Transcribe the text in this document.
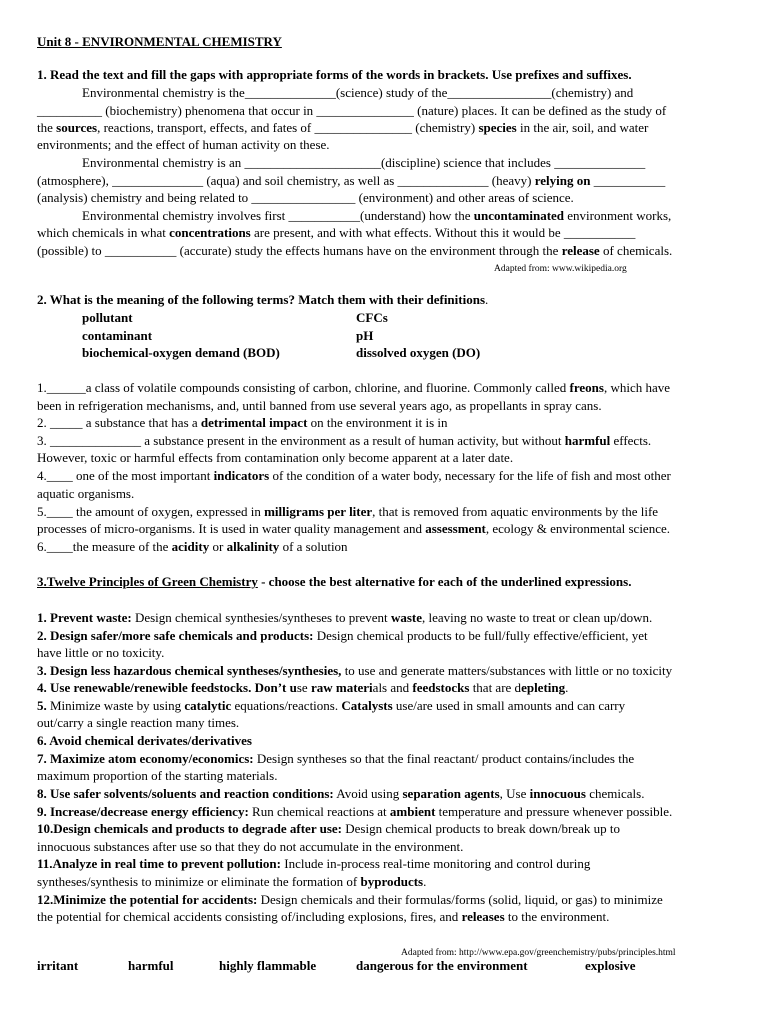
Unit 8 - ENVIRONMENTAL CHEMISTRY
1. Read the text and fill the gaps with appropriate forms of the words in brackets. Use prefixes and suffixes.
Environmental chemistry is the______________(science) study of the________________(chemistry) and
__________ (biochemistry) phenomena that occur in _______________ (nature) places. It can be defined as the study of
the sources, reactions, transport, effects, and fates of _______________ (chemistry) species in the air, soil, and water
environments; and the effect of human activity on these.
Environmental chemistry is an _____________________(discipline) science that includes ______________
(atmosphere), ______________ (aqua) and soil chemistry, as well as ______________ (heavy) relying on ___________
(analysis) chemistry and being related to ________________ (environment) and other areas of science.
Environmental chemistry involves first ___________(understand) how the uncontaminated environment works,
which chemicals in what concentrations are present, and with what effects. Without this it would be ___________
(possible) to ___________ (accurate) study the effects humans have on the environment through the release of chemicals.
Adapted from: www.wikipedia.org
2. What is the meaning of the following terms? Match them with their definitions.
pollutant	CFCs
contaminant	pH
biochemical-oxygen demand (BOD)	dissolved oxygen (DO)
1.______a class of volatile compounds consisting of carbon, chlorine, and fluorine. Commonly called freons, which have
been in refrigeration mechanisms, and, until banned from use several years ago, as propellants in spray cans.
2. _____ a substance that has a detrimental impact on the environment it is in
3. ______________ a substance present in the environment as a result of human activity, but without harmful effects.
However, toxic or harmful effects from contamination only become apparent at a later date.
4.____ one of the most important indicators of the condition of a water body, necessary for the life of fish and most other
aquatic organisms.
5.____ the amount of oxygen, expressed in milligrams per liter, that is removed from aquatic environments by the life
processes of micro-organisms. It is used in water quality management and assessment, ecology & environmental science.
6.____the measure of the acidity or alkalinity of a solution
3.Twelve Principles of Green Chemistry - choose the best alternative for each of the underlined expressions.
1. Prevent waste: Design chemical synthesies/syntheses to prevent waste, leaving no waste to treat or clean up/down.
2. Design safer/more safe chemicals and products: Design chemical products to be full/fully effective/efficient, yet
have little or no toxicity.
3. Design less hazardous chemical syntheses/synthesies, to use and generate matters/substances with little or no toxicity
4. Use renewable/renewible feedstocks. Don’t use raw materials and feedstocks that are depleting.
5. Minimize waste by using catalytic equations/reactions. Catalysts use/are used in small amounts and can carry
out/carry a single reaction many times.
6. Avoid chemical derivates/derivatives
7. Maximize atom economy/economics: Design syntheses so that the final reactant/ product contains/includes the
maximum proportion of the starting materials.
8. Use safer solvents/soluents and reaction conditions: Avoid using separation agents, Use innocuous chemicals.
9. Increase/decrease energy efficiency: Run chemical reactions at ambient temperature and pressure whenever possible.
10.Design chemicals and products to degrade after use: Design chemical products to break down/break up to
innocuous substances after use so that they do not accumulate in the environment.
11.Analyze in real time to prevent pollution: Include in-process real-time monitoring and control during
syntheses/synthesis to minimize or eliminate the formation of byproducts.
12.Minimize the potential for accidents: Design chemicals and their formulas/forms (solid, liquid, or gas) to minimize
the potential for chemical accidents consisting of/including explosions, fires, and releases to the environment.
Adapted from: http://www.epa.gov/greenchemistry/pubs/principles.html
irritant	harmful	highly flammable	dangerous for the environment	explosive
